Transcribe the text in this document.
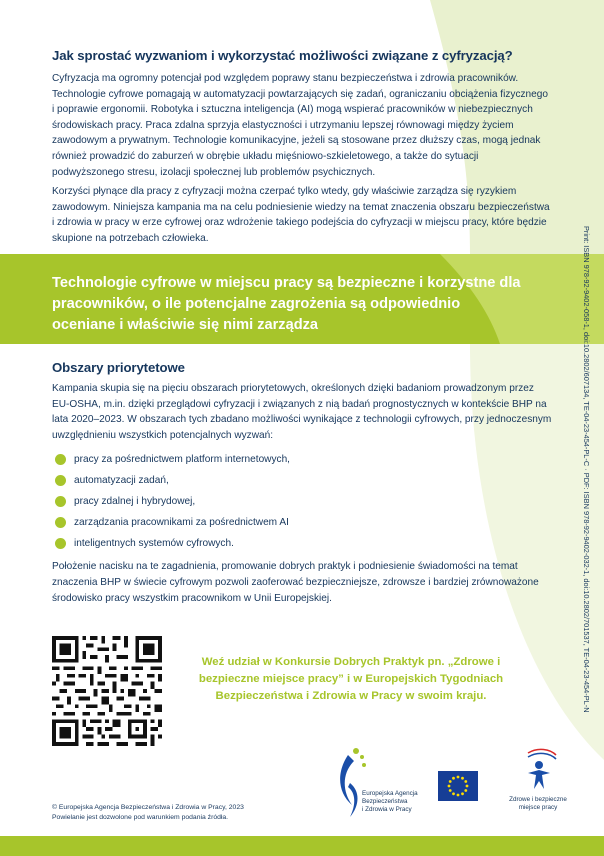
Jak sprostać wyzwaniom i wykorzystać możliwości związane z cyfryzacją?

Cyfryzacja ma ogromny potencjał pod względem poprawy stanu bezpieczeństwa i zdrowia pracowników. Technologie cyfrowe pomagają w automatyzacji powtarzających się zadań, ograniczaniu obciążenia fizycznego i poprawie ergonomii. Robotyka i sztuczna inteligencja (AI) mogą wspierać pracowników w niebezpiecznych środowiskach pracy. Praca zdalna sprzyja elastyczności i utrzymaniu lepszej równowagi między życiem zawodowym a prywatnym. Technologie komunikacyjne, jeżeli są stosowane przez dłuższy czas, mogą jednak również prowadzić do zaburzeń w obrębie układu mięśniowo-szkieletowego, a także do sytuacji podwyższonego stresu, izolacji społecznej lub problemów psychicznych.

Korzyści płynące dla pracy z cyfryzacji można czerpać tylko wtedy, gdy właściwie zarządza się ryzykiem zawodowym. Niniejsza kampania ma na celu podniesienie wiedzy na temat znaczenia obszaru bezpieczeństwa i zdrowia w pracy w erze cyfrowej oraz wdrożenie takiego podejścia do cyfryzacji w miejscu pracy, które będzie skupione na potrzebach człowieka.

Technologie cyfrowe w miejscu pracy są bezpieczne i korzystne dla pracowników, o ile potencjalne zagrożenia są odpowiednio oceniane i właściwie się nimi zarządza
Obszary priorytetowe

Kampania skupia się na pięciu obszarach priorytetowych, określonych dzięki badaniom prowadzonym przez EU-OSHA, m.in. dzięki przeglądowi cyfryzacji i związanych z nią badań prognostycznych w kontekście BHP na lata 2020–2023. W obszarach tych zbadano możliwości wynikające z technologii cyfrowych, przy jednoczesnym uwzględnieniu wszystkich potencjalnych wyzwań:

pracy za pośrednictwem platform internetowych,
automatyzacji zadań,
pracy zdalnej i hybrydowej,
zarządzania pracownikami za pośrednictwem AI
inteligentnych systemów cyfrowych.

Położenie nacisku na te zagadnienia, promowanie dobrych praktyk i podniesienie świadomości na temat znaczenia BHP w świecie cyfrowym pozwoli zaoferować bezpieczniejsze, zdrowsze i bardziej zrównoważone środowisko pracy wszystkim pracownikom w Unii Europejskiej.

Weź udział w Konkursie Dobrych Praktyk pn. „Zdrowe i bezpieczne miejsce pracy” i w Europejskich Tygodniach Bezpieczeństwa i Zdrowia w Pracy w swoim kraju.	Print: ISBN 978-92-9402-058-1, doi:10.2802/607134, TE-04-23-454-PL-C · PDF: ISBN 978-92-9402-032-1, doi:10.2802/701537, TE-04-23-454-PL-N
Europejska Agencja
Bezpieczeństwa
i Zdrowia w Pracy
Zdrowe i bezpieczne
miejsce pracy
© Europejska Agencja Bezpieczeństwa i Zdrowia w Pracy, 2023
Powielanie jest dozwolone pod warunkiem podania źródła.
